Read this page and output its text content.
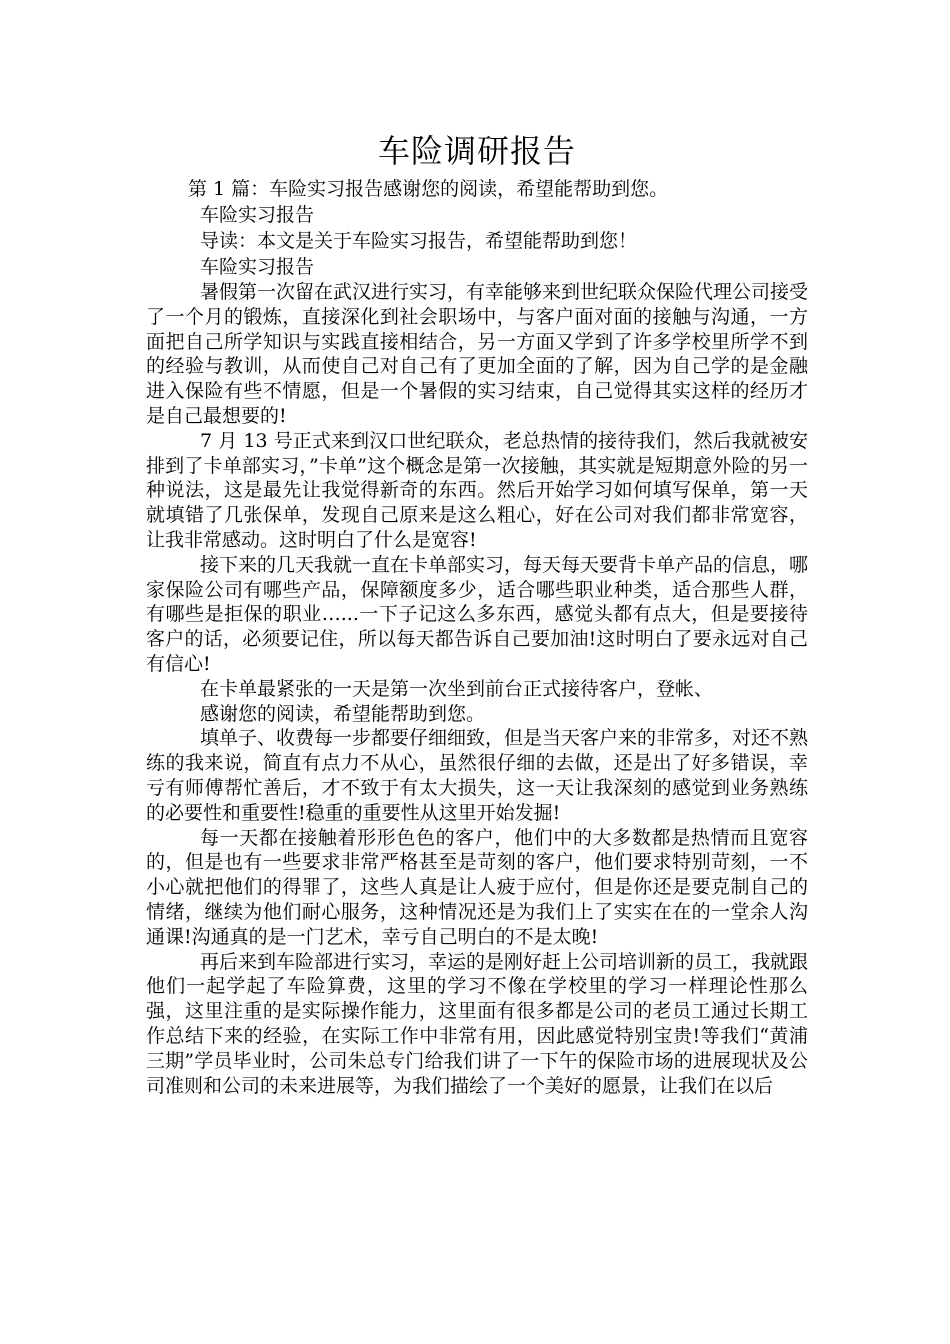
车险调研报告

第 1 篇：车险实习报告感谢您的阅读，希望能帮助到您。

车险实习报告

导读：本文是关于车险实习报告，希望能帮助到您！

车险实习报告

暑假第一次留在武汉进行实习，有幸能够来到世纪联众保险代理公司接受了一个月的锻炼，直接深化到社会职场中，与客户面对面的接触与沟通，一方面把自己所学知识与实践直接相结合，另一方面又学到了许多学校里所学不到的经验与教训，从而使自己对自己有了更加全面的了解，因为自己学的是金融进入保险有些不情愿，但是一个暑假的实习结束，自己觉得其实这样的经历才是自己最想要的!

7 月 13 号正式来到汉口世纪联众，老总热情的接待我们，然后我就被安排到了卡单部实习，”卡单”这个概念是第一次接触，其实就是短期意外险的另一种说法，这是最先让我觉得新奇的东西。然后开始学习如何填写保单，第一天就填错了几张保单，发现自己原来是这么粗心，好在公司对我们都非常宽容，让我非常感动。这时明白了什么是宽容!

接下来的几天我就一直在卡单部实习，每天每天要背卡单产品的信息，哪家保险公司有哪些产品，保障额度多少，适合哪些职业种类，适合那些人群，有哪些是拒保的职业…...一下子记这么多东西，感觉头都有点大，但是要接待客户的话，必须要记住，所以每天都告诉自己要加油!这时明白了要永远对自己有信心!

在卡单最紧张的一天是第一次坐到前台正式接待客户，登帐、

感谢您的阅读，希望能帮助到您。

填单子、收费每一步都要仔细细致，但是当天客户来的非常多，对还不熟练的我来说，简直有点力不从心，虽然很仔细的去做，还是出了好多错误，幸亏有师傅帮忙善后，才不致于有太大损失，这一天让我深刻的感觉到业务熟练的必要性和重要性!稳重的重要性从这里开始发掘!

每一天都在接触着形形色色的客户，他们中的大多数都是热情而且宽容的，但是也有一些要求非常严格甚至是苛刻的客户，他们要求特别苛刻，一不小心就把他们的得罪了，这些人真是让人疲于应付，但是你还是要克制自己的情绪，继续为他们耐心服务，这种情况还是为我们上了实实在在的一堂余人沟通课!沟通真的是一门艺术，幸亏自己明白的不是太晚!

再后来到车险部进行实习，幸运的是刚好赶上公司培训新的员工，我就跟他们一起学起了车险算费，这里的学习不像在学校里的学习一样理论性那么强，这里注重的是实际操作能力，这里面有很多都是公司的老员工通过长期工作总结下来的经验，在实际工作中非常有用，因此感觉特别宝贵!等我们“黄浦三期”学员毕业时，公司朱总专门给我们讲了一下午的保险市场的进展现状及公司准则和公司的未来进展等，为我们描绘了一个美好的愿景，让我们在以后
